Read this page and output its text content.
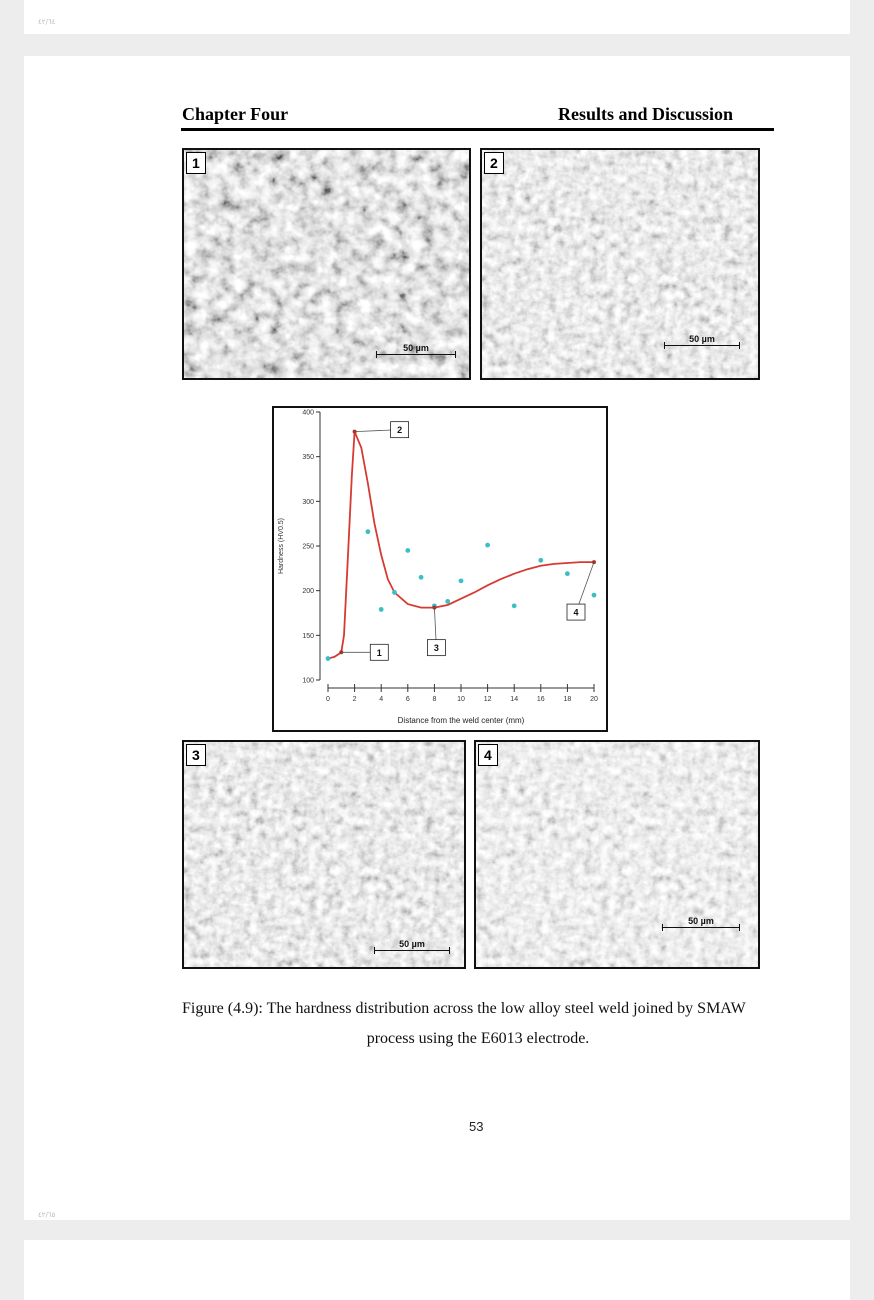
٤٢/٦٤
Chapter Four	Results and Discussion
1
50 µm
2
50 µm
100
150
200
250
300
350
400
0	2	4	6	8	10	12	14	16	18	20
Distance from the weld center (mm)
Hardness (HV0.5)
1
2
3
4
3
50 µm
4
50 µm
Figure (4.9): The hardness distribution across the low alloy steel weld joined by SMAW
process using the E6013 electrode.
53
٤٢/٦٥
